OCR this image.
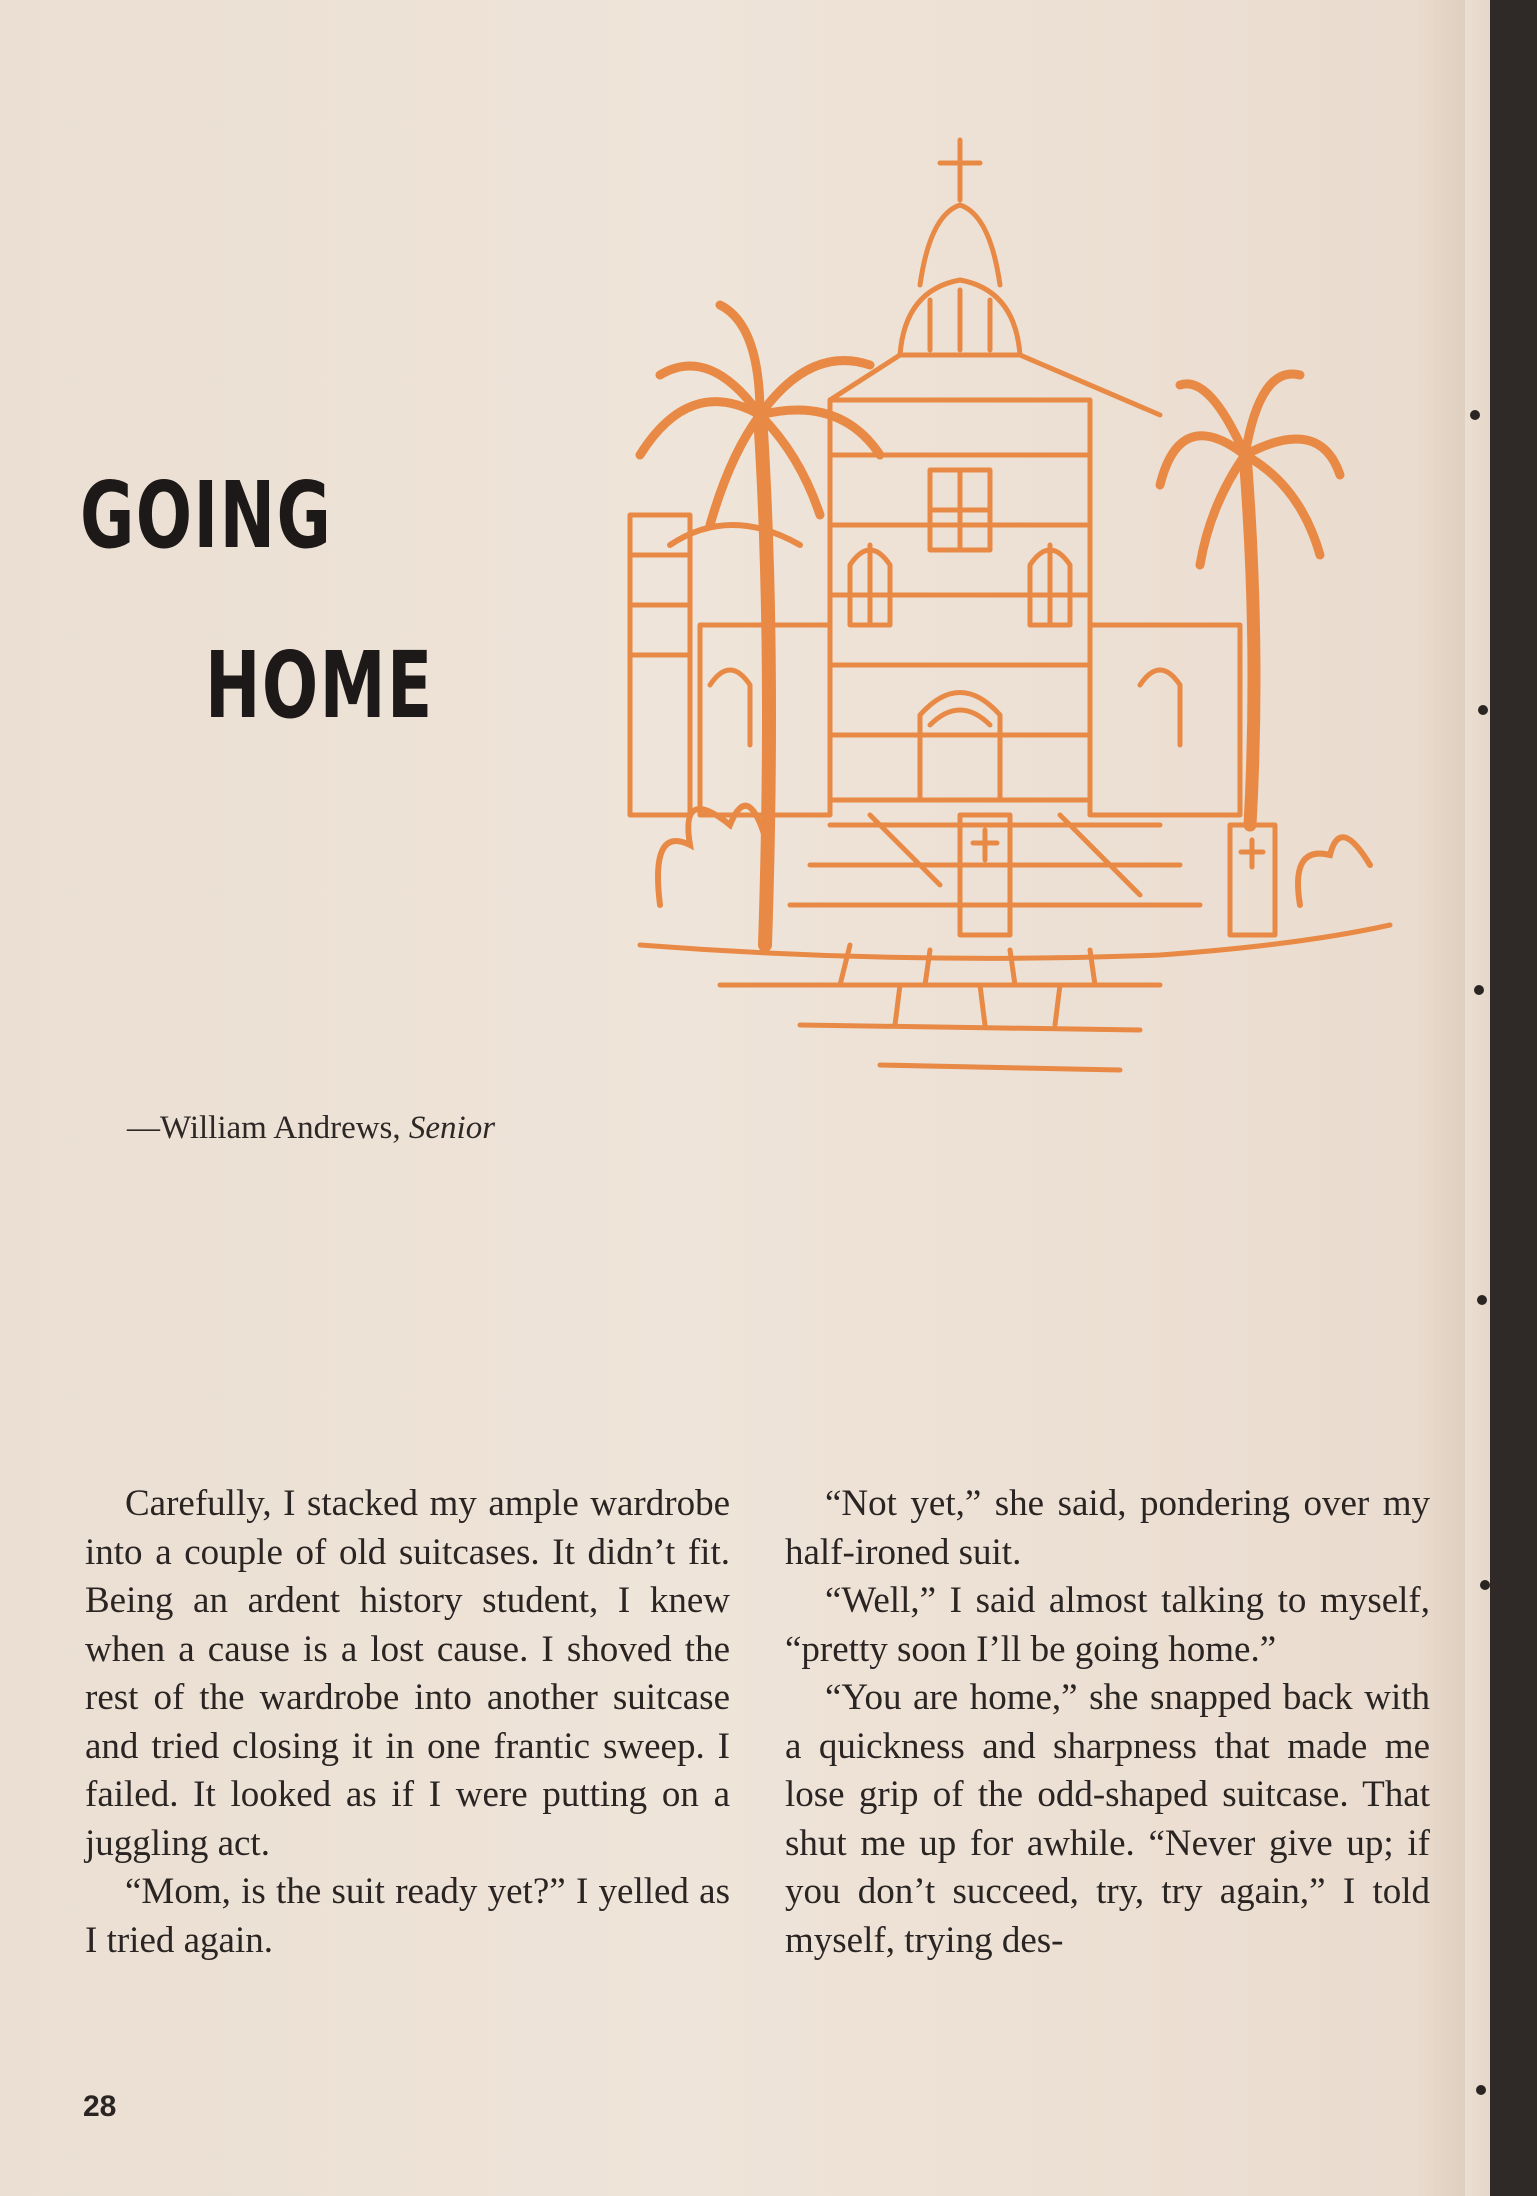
GOING
HOME
—William Andrews, Senior

Carefully, I stacked my ample wardrobe into a couple of old suitcases. It didn’t fit. Being an ardent history student, I knew when a cause is a lost cause. I shoved the rest of the wardrobe into another suitcase and tried closing it in one frantic sweep. I failed. It looked as if I were putting on a juggling act.

“Mom, is the suit ready yet?” I yelled as I tried again.

“Not yet,” she said, pondering over my half-ironed suit.

“Well,” I said almost talking to myself, “pretty soon I’ll be going home.”

“You are home,” she snapped back with a quickness and sharpness that made me lose grip of the odd-shaped suitcase. That shut me up for awhile. “Never give up; if you don’t succeed, try, try again,” I told myself, trying des-

28
